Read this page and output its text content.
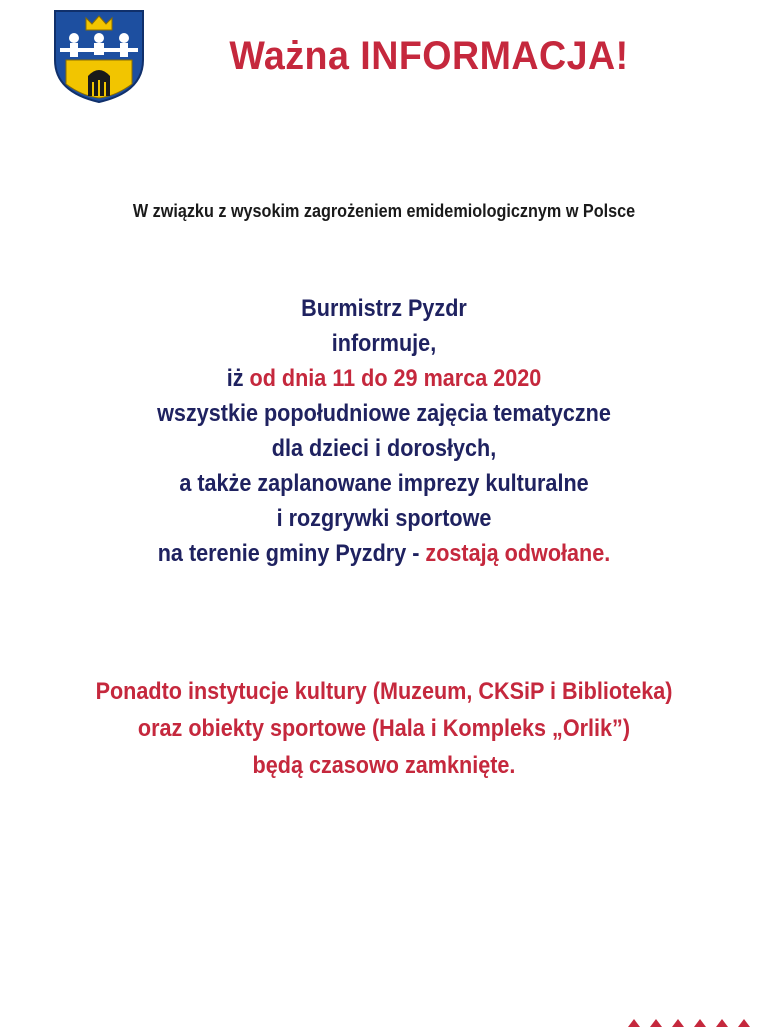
Ważna INFORMACJA!
W związku z wysokim zagrożeniem emidemiologicznym w Polsce
Burmistrz Pyzdr
informuje,
iż od dnia 11 do 29 marca 2020
wszystkie popołudniowe zajęcia tematyczne
dla dzieci i dorosłych,
a także zaplanowane imprezy kulturalne
i rozgrywki sportowe
na terenie gminy Pyzdry - zostają odwołane.
Ponadto instytucje kultury (Muzeum, CKSiP i Biblioteka)
oraz obiekty sportowe (Hala i Kompleks „Orlik”)
będą czasowo zamknięte.
